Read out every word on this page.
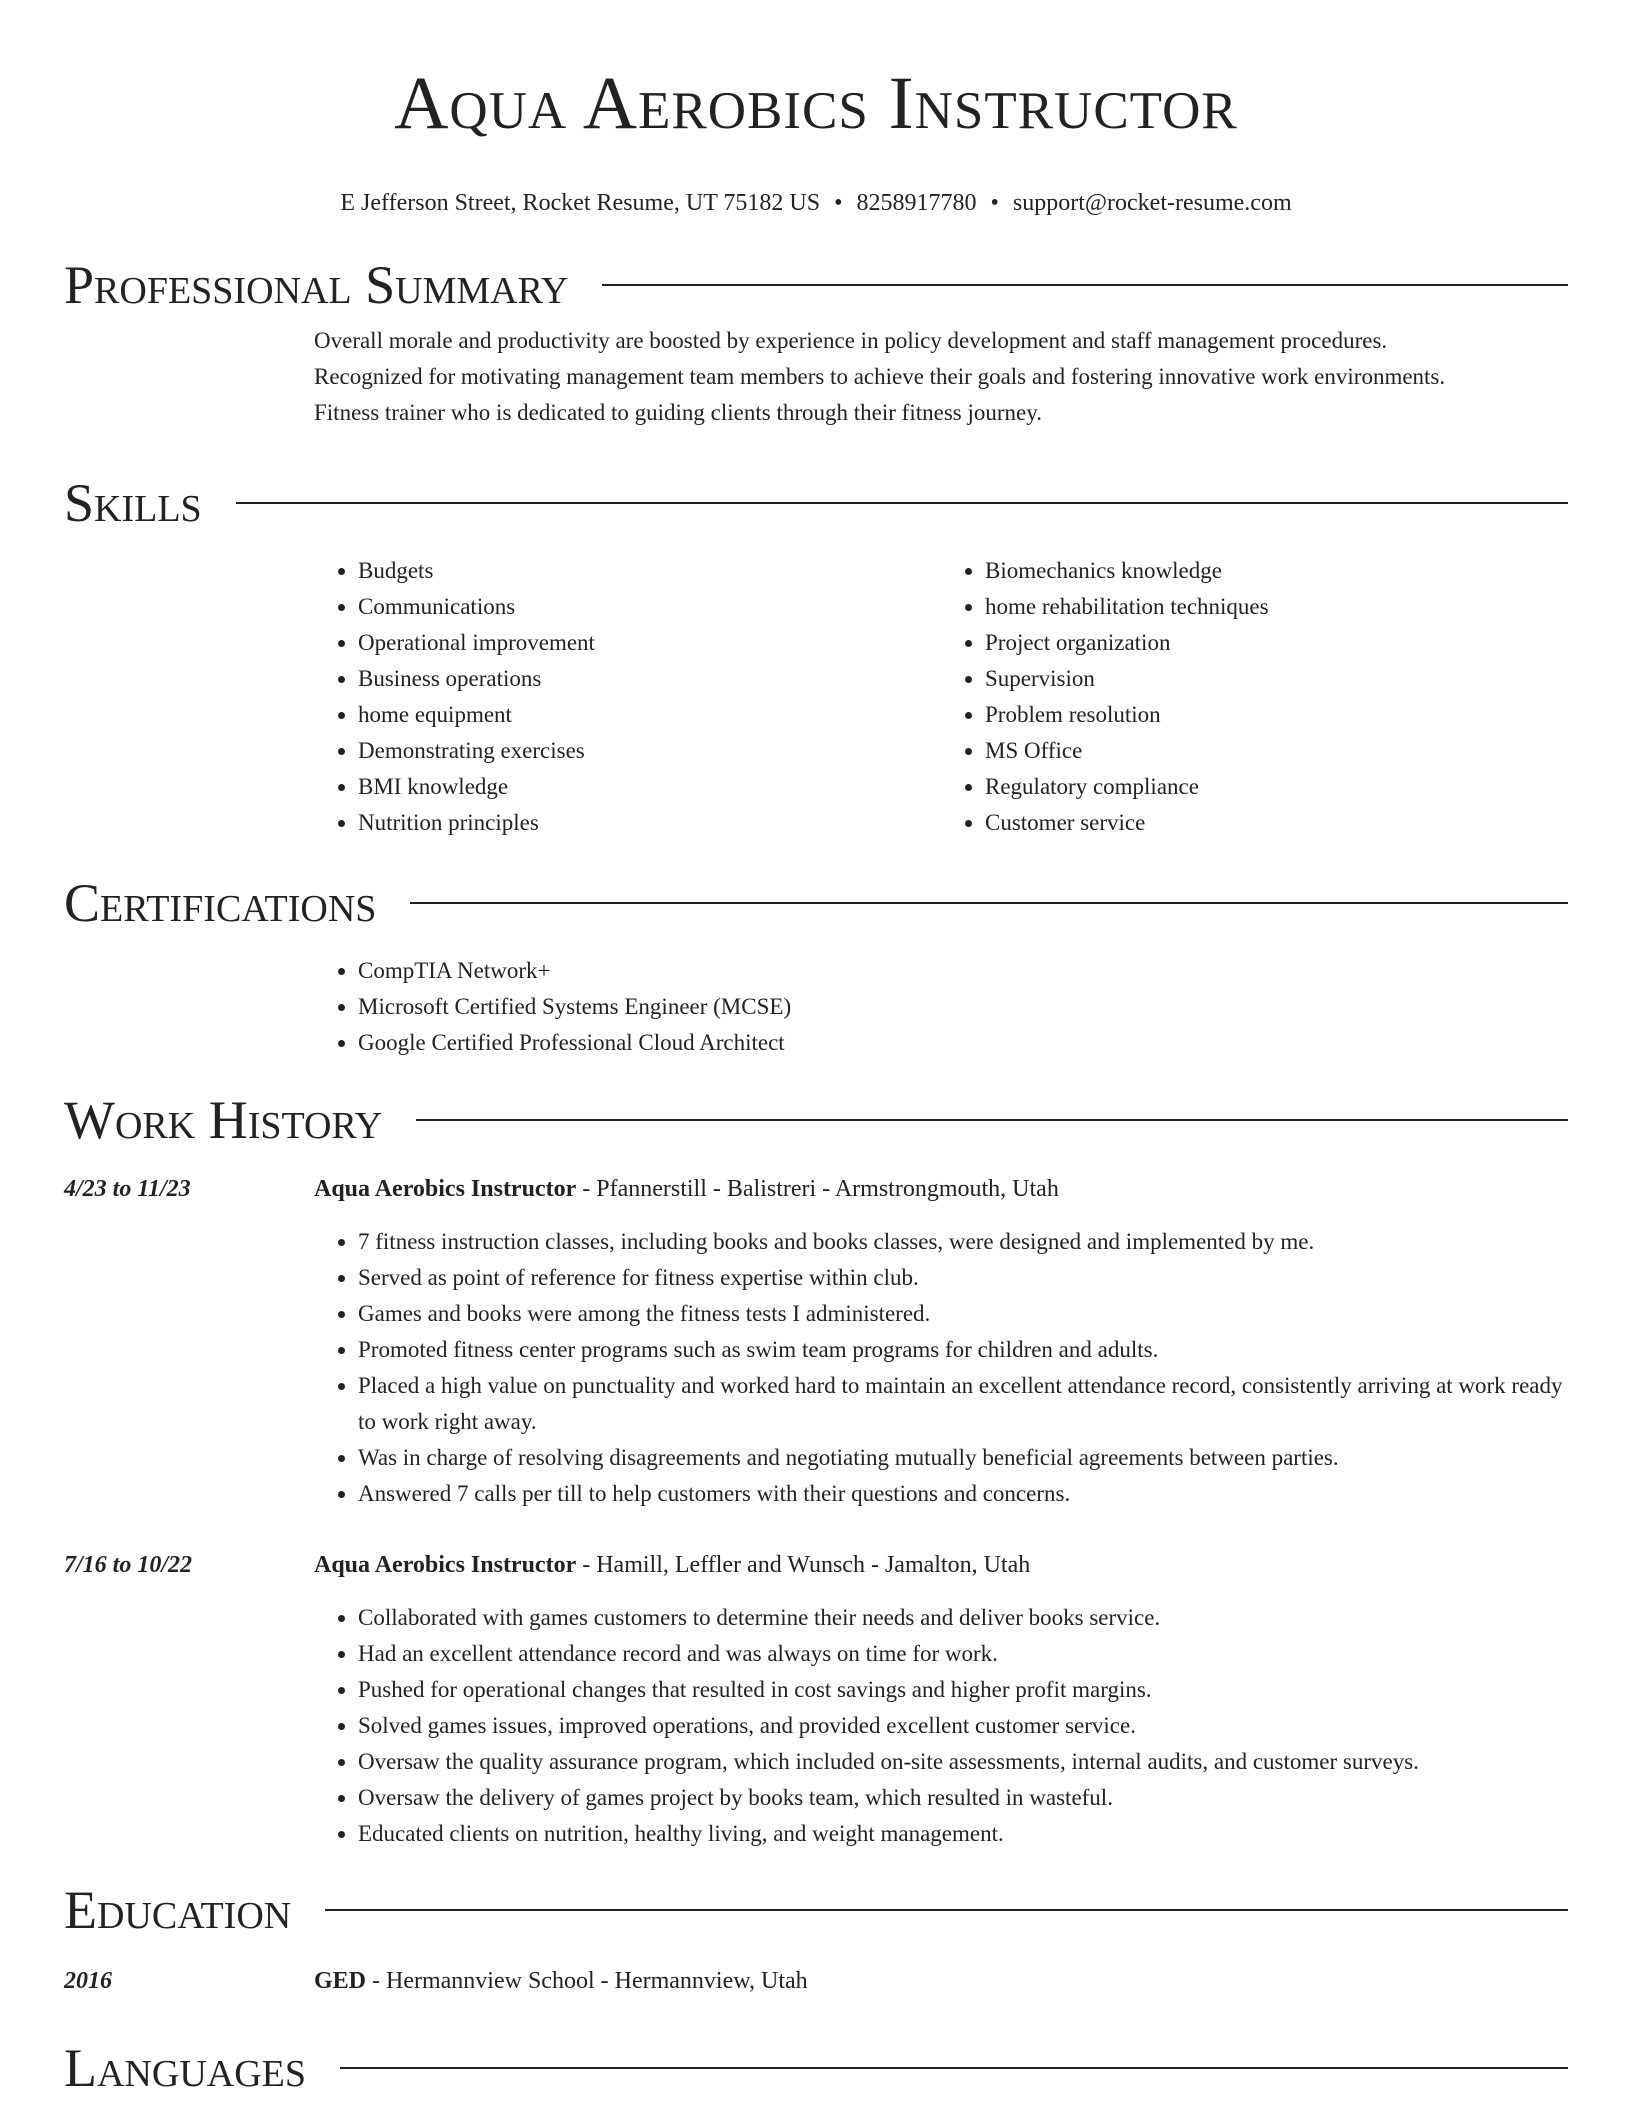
Aqua Aerobics Instructor
E Jefferson Street, Rocket Resume, UT 75182 US • 8258917780 • support@rocket-resume.com
Professional Summary
Overall morale and productivity are boosted by experience in policy development and staff management procedures.
Recognized for motivating management team members to achieve their goals and fostering innovative work environments.
Fitness trainer who is dedicated to guiding clients through their fitness journey.
Skills
• Budgets
• Communications
• Operational improvement
• Business operations
• home equipment
• Demonstrating exercises
• BMI knowledge
• Nutrition principles
• Biomechanics knowledge
• home rehabilitation techniques
• Project organization
• Supervision
• Problem resolution
• MS Office
• Regulatory compliance
• Customer service
Certifications
• CompTIA Network+
• Microsoft Certified Systems Engineer (MCSE)
• Google Certified Professional Cloud Architect
Work History
4/23 to 11/23	Aqua Aerobics Instructor - Pfannerstill - Balistreri - Armstrongmouth, Utah
• 7 fitness instruction classes, including books and books classes, were designed and implemented by me.
• Served as point of reference for fitness expertise within club.
• Games and books were among the fitness tests I administered.
• Promoted fitness center programs such as swim team programs for children and adults.
• Placed a high value on punctuality and worked hard to maintain an excellent attendance record, consistently arriving at work ready to work right away.
• Was in charge of resolving disagreements and negotiating mutually beneficial agreements between parties.
• Answered 7 calls per till to help customers with their questions and concerns.
7/16 to 10/22	Aqua Aerobics Instructor - Hamill, Leffler and Wunsch - Jamalton, Utah
• Collaborated with games customers to determine their needs and deliver books service.
• Had an excellent attendance record and was always on time for work.
• Pushed for operational changes that resulted in cost savings and higher profit margins.
• Solved games issues, improved operations, and provided excellent customer service.
• Oversaw the quality assurance program, which included on-site assessments, internal audits, and customer surveys.
• Oversaw the delivery of games project by books team, which resulted in wasteful.
• Educated clients on nutrition, healthy living, and weight management.
Education
2016	GED - Hermannview School - Hermannview, Utah
Languages
